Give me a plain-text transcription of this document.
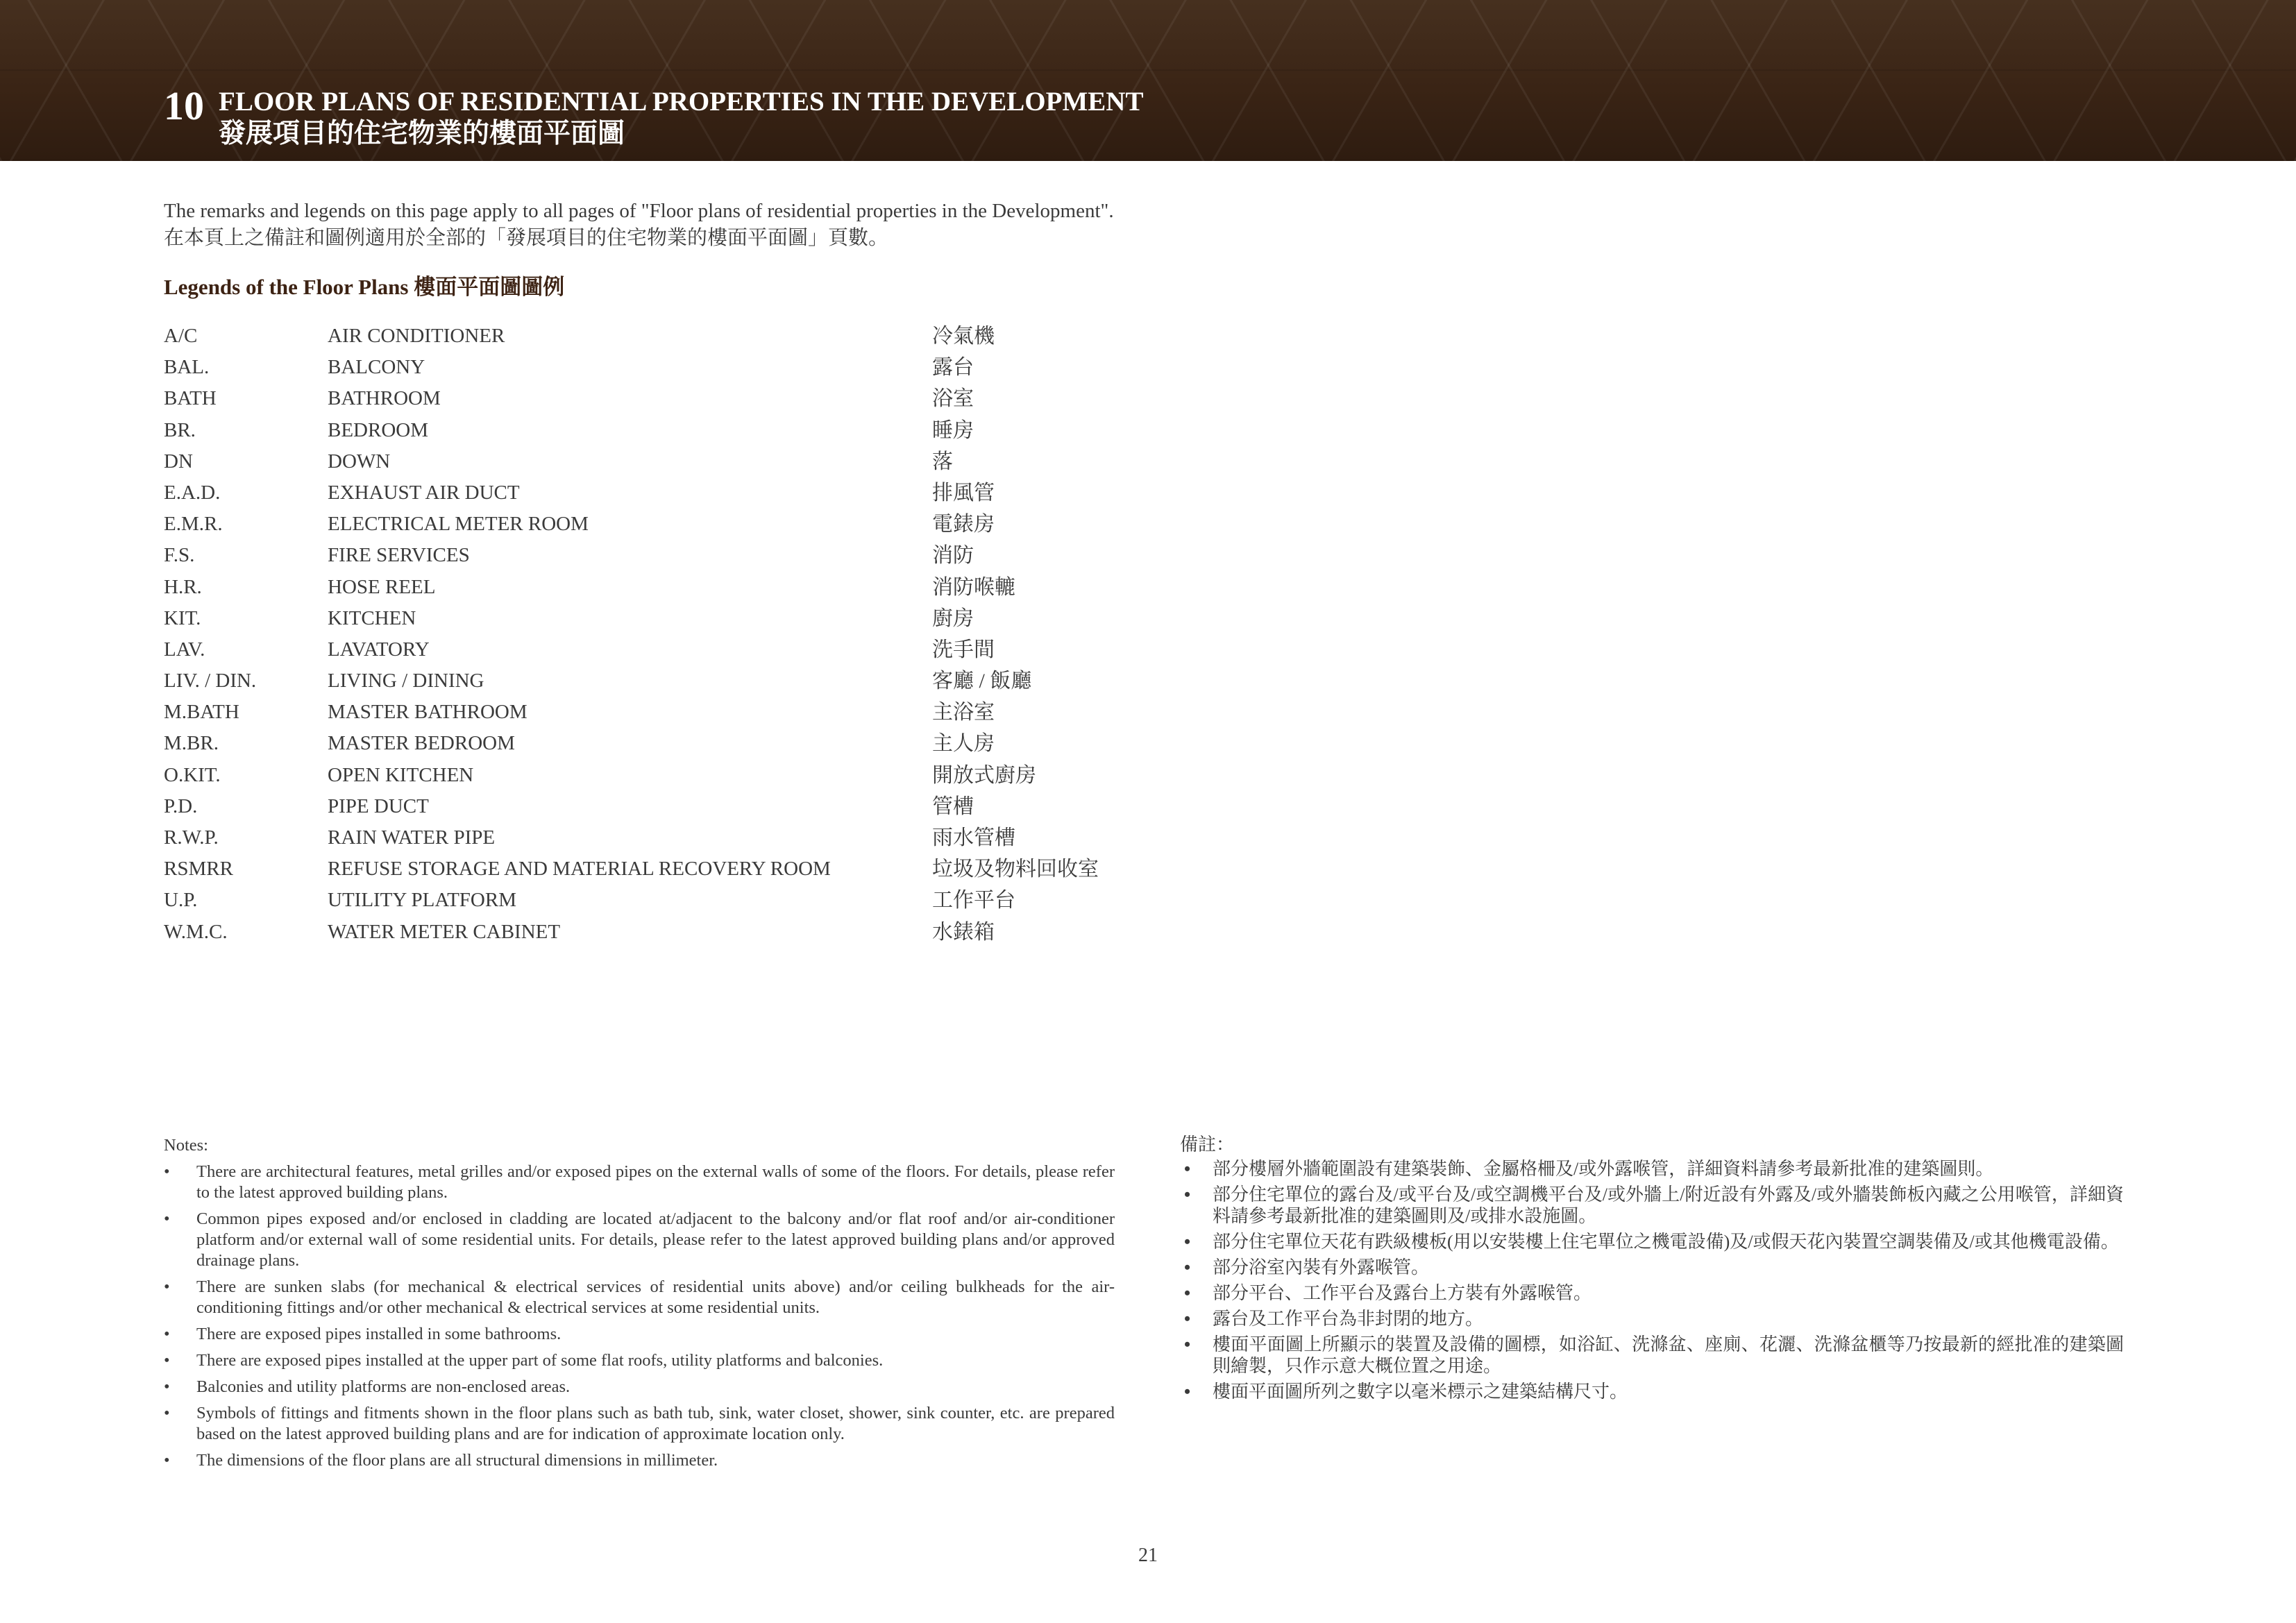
10 FLOOR PLANS OF RESIDENTIAL PROPERTIES IN THE DEVELOPMENT
發展項目的住宅物業的樓面平面圖
The remarks and legends on this page apply to all pages of "Floor plans of residential properties in the Development".
在本頁上之備註和圖例適用於全部的「發展項目的住宅物業的樓面平面圖」頁數。
Legends of the Floor Plans 樓面平面圖圖例
A/C	AIR CONDITIONER	冷氣機
BAL.	BALCONY	露台
BATH	BATHROOM	浴室
BR.	BEDROOM	睡房
DN	DOWN	落
E.A.D.	EXHAUST AIR DUCT	排風管
E.M.R.	ELECTRICAL METER ROOM	電錶房
F.S.	FIRE SERVICES	消防
H.R.	HOSE REEL	消防喉轆
KIT.	KITCHEN	廚房
LAV.	LAVATORY	洗手間
LIV. / DIN.	LIVING / DINING	客廳 / 飯廳
M.BATH	MASTER BATHROOM	主浴室
M.BR.	MASTER BEDROOM	主人房
O.KIT.	OPEN KITCHEN	開放式廚房
P.D.	PIPE DUCT	管槽
R.W.P.	RAIN WATER PIPE	雨水管槽
RSMRR	REFUSE STORAGE AND MATERIAL RECOVERY ROOM	垃圾及物料回收室
U.P.	UTILITY PLATFORM	工作平台
W.M.C.	WATER METER CABINET	水錶箱
Notes:
• There are architectural features, metal grilles and/or exposed pipes on the external walls of some of the floors. For details, please refer to the latest approved building plans.
• Common pipes exposed and/or enclosed in cladding are located at/adjacent to the balcony and/or flat roof and/or air-conditioner platform and/or external wall of some residential units. For details, please refer to the latest approved building plans and/or approved drainage plans.
• There are sunken slabs (for mechanical & electrical services of residential units above) and/or ceiling bulkheads for the air-conditioning fittings and/or other mechanical & electrical services at some residential units.
• There are exposed pipes installed in some bathrooms.
• There are exposed pipes installed at the upper part of some flat roofs, utility platforms and balconies.
• Balconies and utility platforms are non-enclosed areas.
• Symbols of fittings and fitments shown in the floor plans such as bath tub, sink, water closet, shower, sink counter, etc. are prepared based on the latest approved building plans and are for indication of approximate location only.
• The dimensions of the floor plans are all structural dimensions in millimeter.
備註：
• 部分樓層外牆範圍設有建築裝飾、金屬格柵及/或外露喉管，詳細資料請參考最新批准的建築圖則。
• 部分住宅單位的露台及/或平台及/或空調機平台及/或外牆上/附近設有外露及/或外牆裝飾板內藏之公用喉管，詳細資料請參考最新批准的建築圖則及/或排水設施圖。
• 部分住宅單位天花有跌級樓板(用以安裝樓上住宅單位之機電設備)及/或假天花內裝置空調裝備及/或其他機電設備。
• 部分浴室內裝有外露喉管。
• 部分平台、工作平台及露台上方裝有外露喉管。
• 露台及工作平台為非封閉的地方。
• 樓面平面圖上所顯示的裝置及設備的圖標，如浴缸、洗滌盆、座廁、花灑、洗滌盆櫃等乃按最新的經批准的建築圖則繪製，只作示意大概位置之用途。
• 樓面平面圖所列之數字以毫米標示之建築結構尺寸。
21
